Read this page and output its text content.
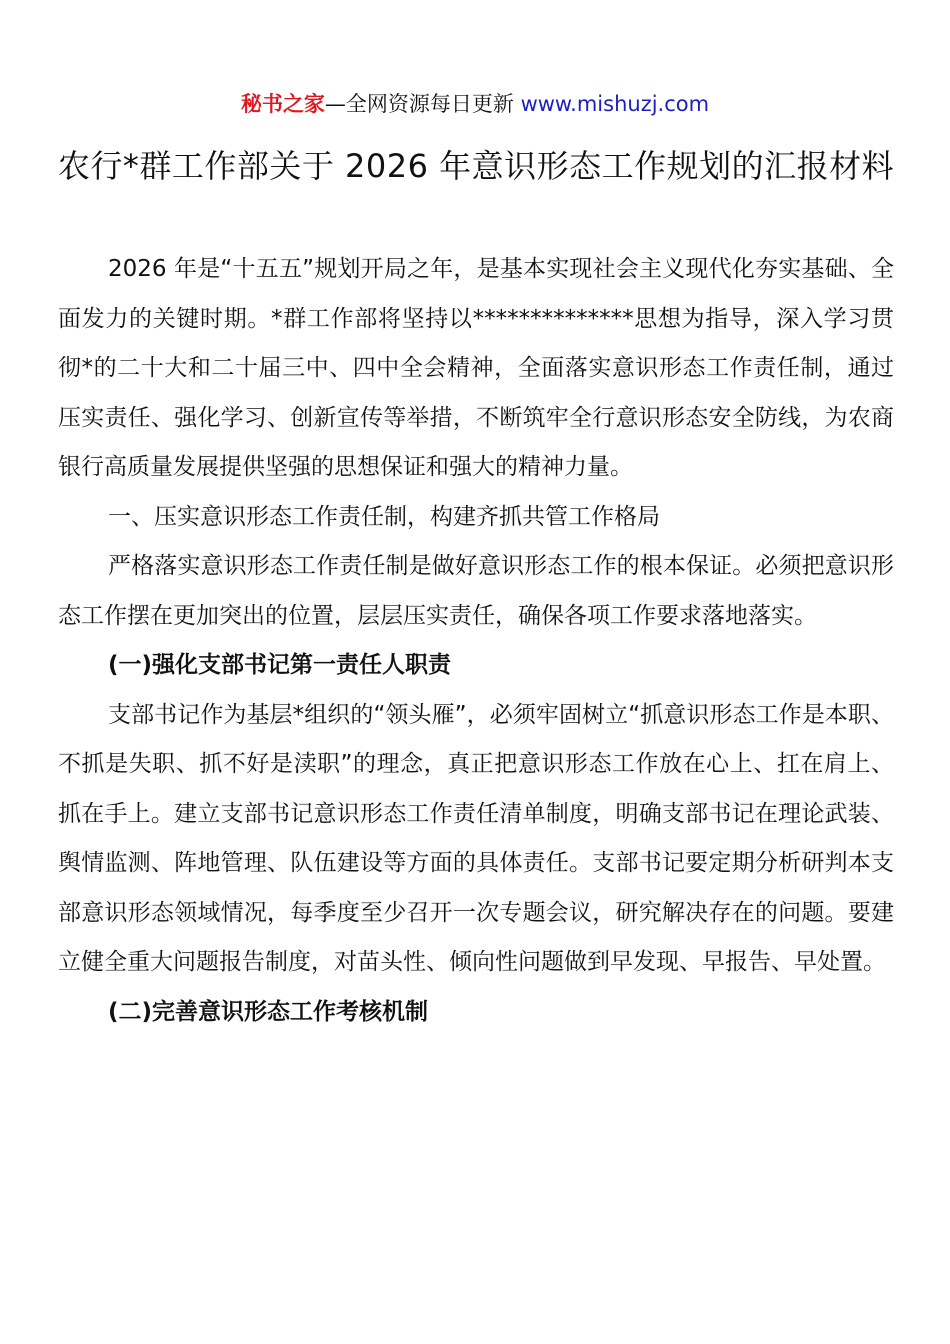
秘书之家—全网资源每日更新 www.mishuzj.com
农行*群工作部关于 2026 年意识形态工作规划的汇报材料

2026 年是“十五五”规划开局之年，是基本实现社会主义现代化夯实基础、全面发力的关键时期。*群工作部将坚持以**************思想为指导，深入学习贯彻*的二十大和二十届三中、四中全会精神，全面落实意识形态工作责任制，通过压实责任、强化学习、创新宣传等举措，不断筑牢全行意识形态安全防线，为农商银行高质量发展提供坚强的思想保证和强大的精神力量。

一、压实意识形态工作责任制，构建齐抓共管工作格局

严格落实意识形态工作责任制是做好意识形态工作的根本保证。必须把意识形态工作摆在更加突出的位置，层层压实责任，确保各项工作要求落地落实。

(一)强化支部书记第一责任人职责

支部书记作为基层*组织的“领头雁”，必须牢固树立“抓意识形态工作是本职、不抓是失职、抓不好是渎职”的理念，真正把意识形态工作放在心上、扛在肩上、抓在手上。建立支部书记意识形态工作责任清单制度，明确支部书记在理论武装、舆情监测、阵地管理、队伍建设等方面的具体责任。支部书记要定期分析研判本支部意识形态领域情况，每季度至少召开一次专题会议，研究解决存在的问题。要建立健全重大问题报告制度，对苗头性、倾向性问题做到早发现、早报告、早处置。

(二)完善意识形态工作考核机制
